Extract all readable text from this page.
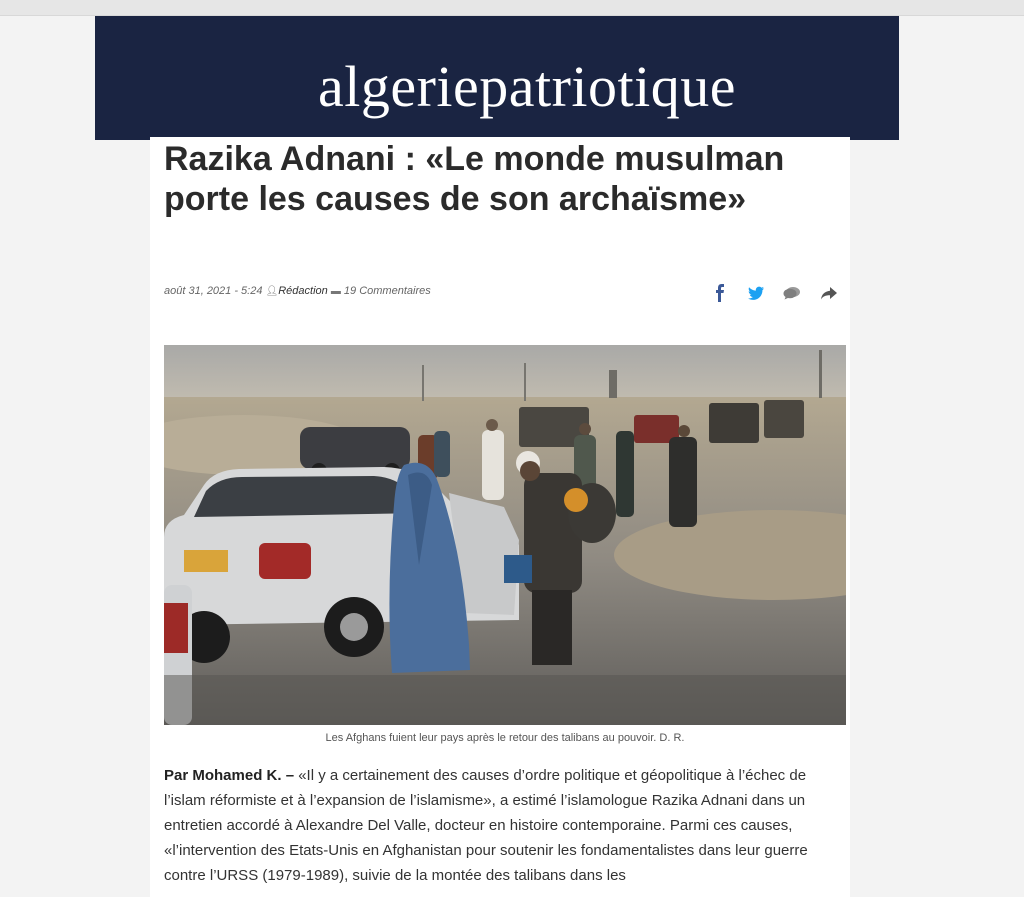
algeriepatriotique
Razika Adnani : «Le monde musulman porte les causes de son archaïsme»
août 31, 2021 - 5:24 👤︎Rédaction ▬ 19 Commentaires
Les Afghans fuient leur pays après le retour des talibans au pouvoir. D. R.

Par Mohamed K. – «Il y a certainement des causes d’ordre politique et géopolitique à l’échec de l’islam réformiste et à l’expansion de l’islamisme», a estimé l’islamologue Razika Adnani dans un entretien accordé à Alexandre Del Valle, docteur en histoire contemporaine. Parmi ces causes, «l’intervention des Etats-Unis en Afghanistan pour soutenir les fondamentalistes dans leur guerre contre l’URSS (1979-1989), suivie de la montée des talibans dans les
